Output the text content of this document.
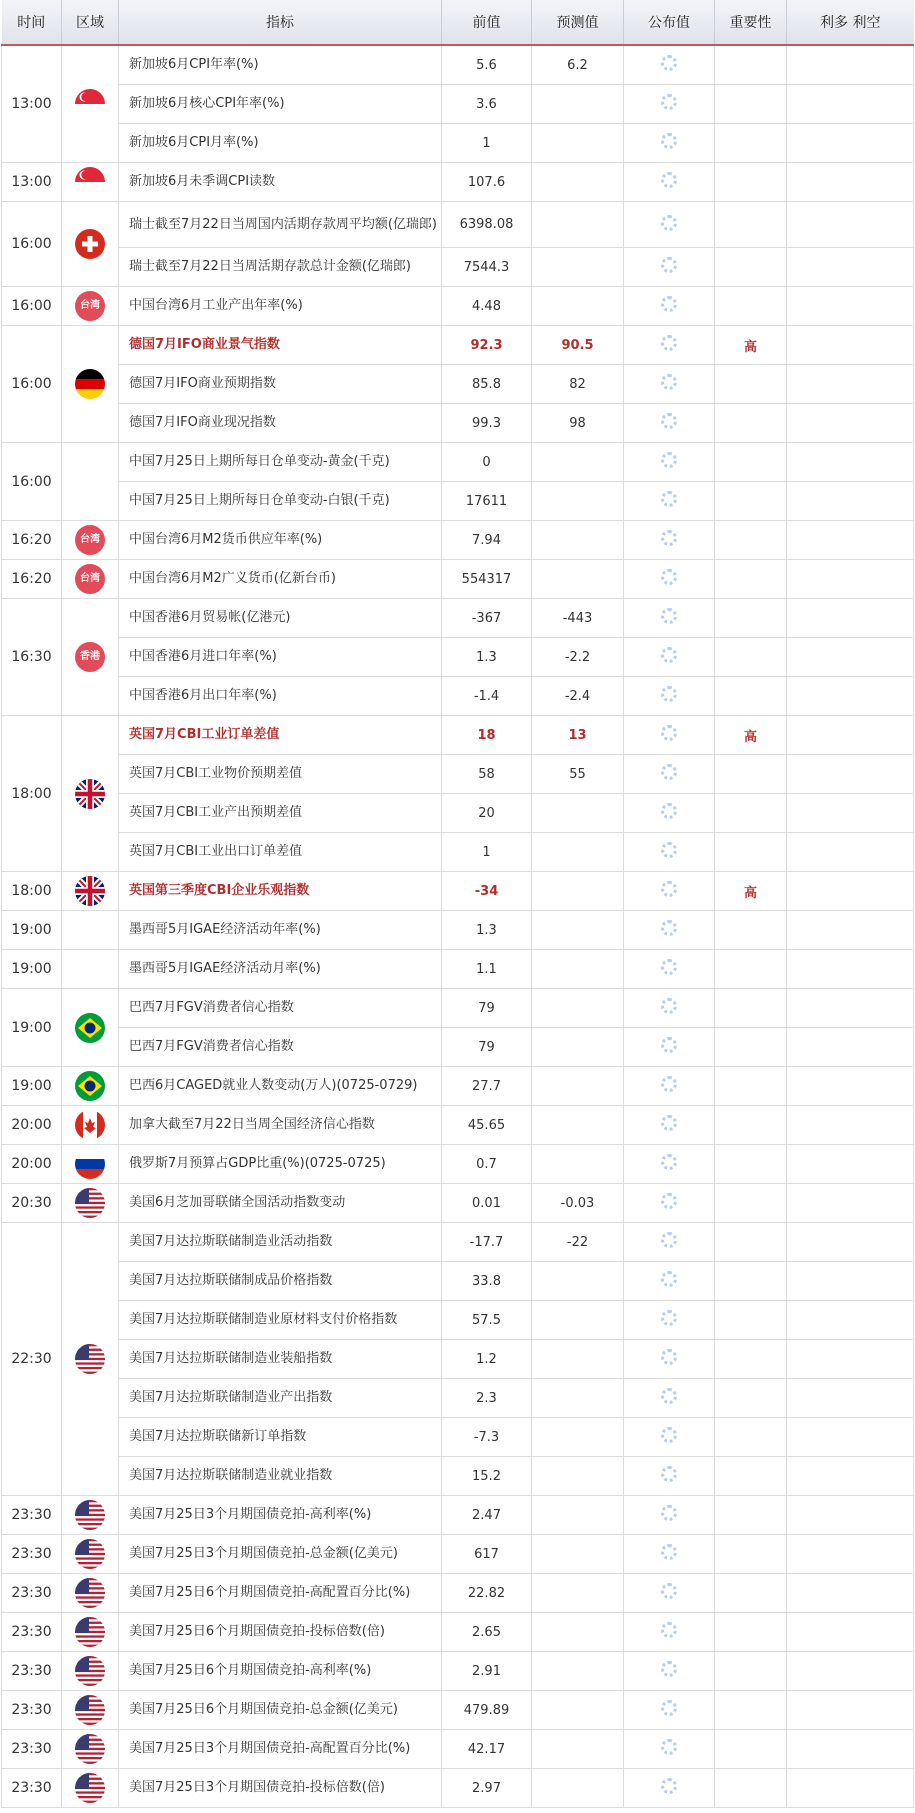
时间	区域	指标	前值	预测值	公布值	重要性	利多 利空
13:00		新加坡6月CPI年率(%)	5.6	6.2			
		新加坡6月核心CPI年率(%)	3.6				
		新加坡6月CPI月率(%)	1				
13:00		新加坡6月未季调CPI读数	107.6				
16:00		瑞士截至7月22日当周国内活期存款周平均额(亿瑞郎)	6398.08				
		瑞士截至7月22日当周活期存款总计金额(亿瑞郎)	7544.3				
16:00	台湾	中国台湾6月工业产出年率(%)	4.48				
16:00		德国7月IFO商业景气指数	92.3	90.5		高	
		德国7月IFO商业预期指数	85.8	82			
		德国7月IFO商业现况指数	99.3	98			
16:00		中国7月25日上期所每日仓单变动-黄金(千克)	0				
		中国7月25日上期所每日仓单变动-白银(千克)	17611				
16:20	台湾	中国台湾6月M2货币供应年率(%)	7.94				
16:20	台湾	中国台湾6月M2广义货币(亿新台币)	554317				
16:30	香港	中国香港6月贸易帐(亿港元)	-367	-443			
		中国香港6月进口年率(%)	1.3	-2.2			
		中国香港6月出口年率(%)	-1.4	-2.4			
18:00		英国7月CBI工业订单差值	18	13		高	
		英国7月CBI工业物价预期差值	58	55			
		英国7月CBI工业产出预期差值	20				
		英国7月CBI工业出口订单差值	1				
18:00		英国第三季度CBI企业乐观指数	-34			高	
19:00		墨西哥5月IGAE经济活动年率(%)	1.3				
19:00		墨西哥5月IGAE经济活动月率(%)	1.1				
19:00		巴西7月FGV消费者信心指数	79				
		巴西7月FGV消费者信心指数	79				
19:00		巴西6月CAGED就业人数变动(万人)(0725-0729)	27.7				
20:00		加拿大截至7月22日当周全国经济信心指数	45.65				
20:00		俄罗斯7月预算占GDP比重(%)(0725-0725)	0.7				
20:30		美国6月芝加哥联储全国活动指数变动	0.01	-0.03			
22:30		美国7月达拉斯联储制造业活动指数	-17.7	-22			
		美国7月达拉斯联储制成品价格指数	33.8				
		美国7月达拉斯联储制造业原材料支付价格指数	57.5				
		美国7月达拉斯联储制造业装船指数	1.2				
		美国7月达拉斯联储制造业产出指数	2.3				
		美国7月达拉斯联储新订单指数	-7.3				
		美国7月达拉斯联储制造业就业指数	15.2				
23:30		美国7月25日3个月期国债竞拍-高利率(%)	2.47				
23:30		美国7月25日3个月期国债竞拍-总金额(亿美元)	617				
23:30		美国7月25日6个月期国债竞拍-高配置百分比(%)	22.82				
23:30		美国7月25日6个月期国债竞拍-投标倍数(倍)	2.65				
23:30		美国7月25日6个月期国债竞拍-高利率(%)	2.91				
23:30		美国7月25日6个月期国债竞拍-总金额(亿美元)	479.89				
23:30		美国7月25日3个月期国债竞拍-高配置百分比(%)	42.17				
23:30		美国7月25日3个月期国债竞拍-投标倍数(倍)	2.97				
